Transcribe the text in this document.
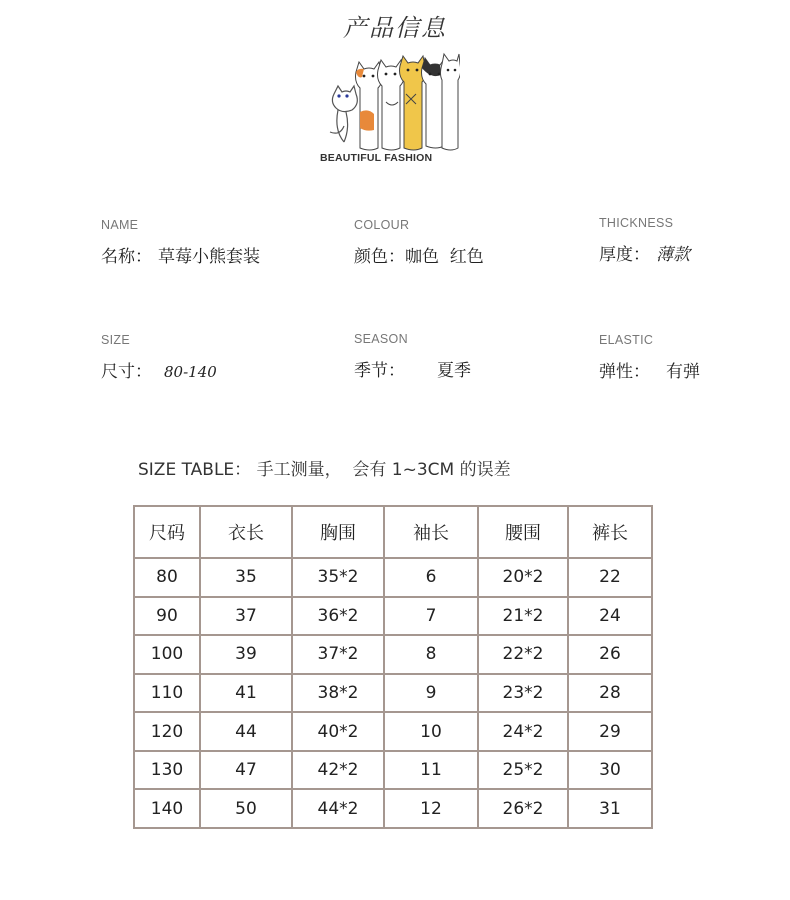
产品信息
BEAUTIFUL FASHION
NAME
名称： 草莓小熊套装
COLOUR
颜色：咖色  红色
THICKNESS
厚度： 薄款
SIZE
尺寸： 80-140
SEASON
季节： 夏季
ELASTIC
弹性： 有弹
SIZE TABLE： 手工测量，  会有 1~3CM 的误差
尺码	衣长	胸围	袖长	腰围	裤长
80	35	35*2	6	20*2	22
90	37	36*2	7	21*2	24
100	39	37*2	8	22*2	26
110	41	38*2	9	23*2	28
120	44	40*2	10	24*2	29
130	47	42*2	11	25*2	30
140	50	44*2	12	26*2	31
